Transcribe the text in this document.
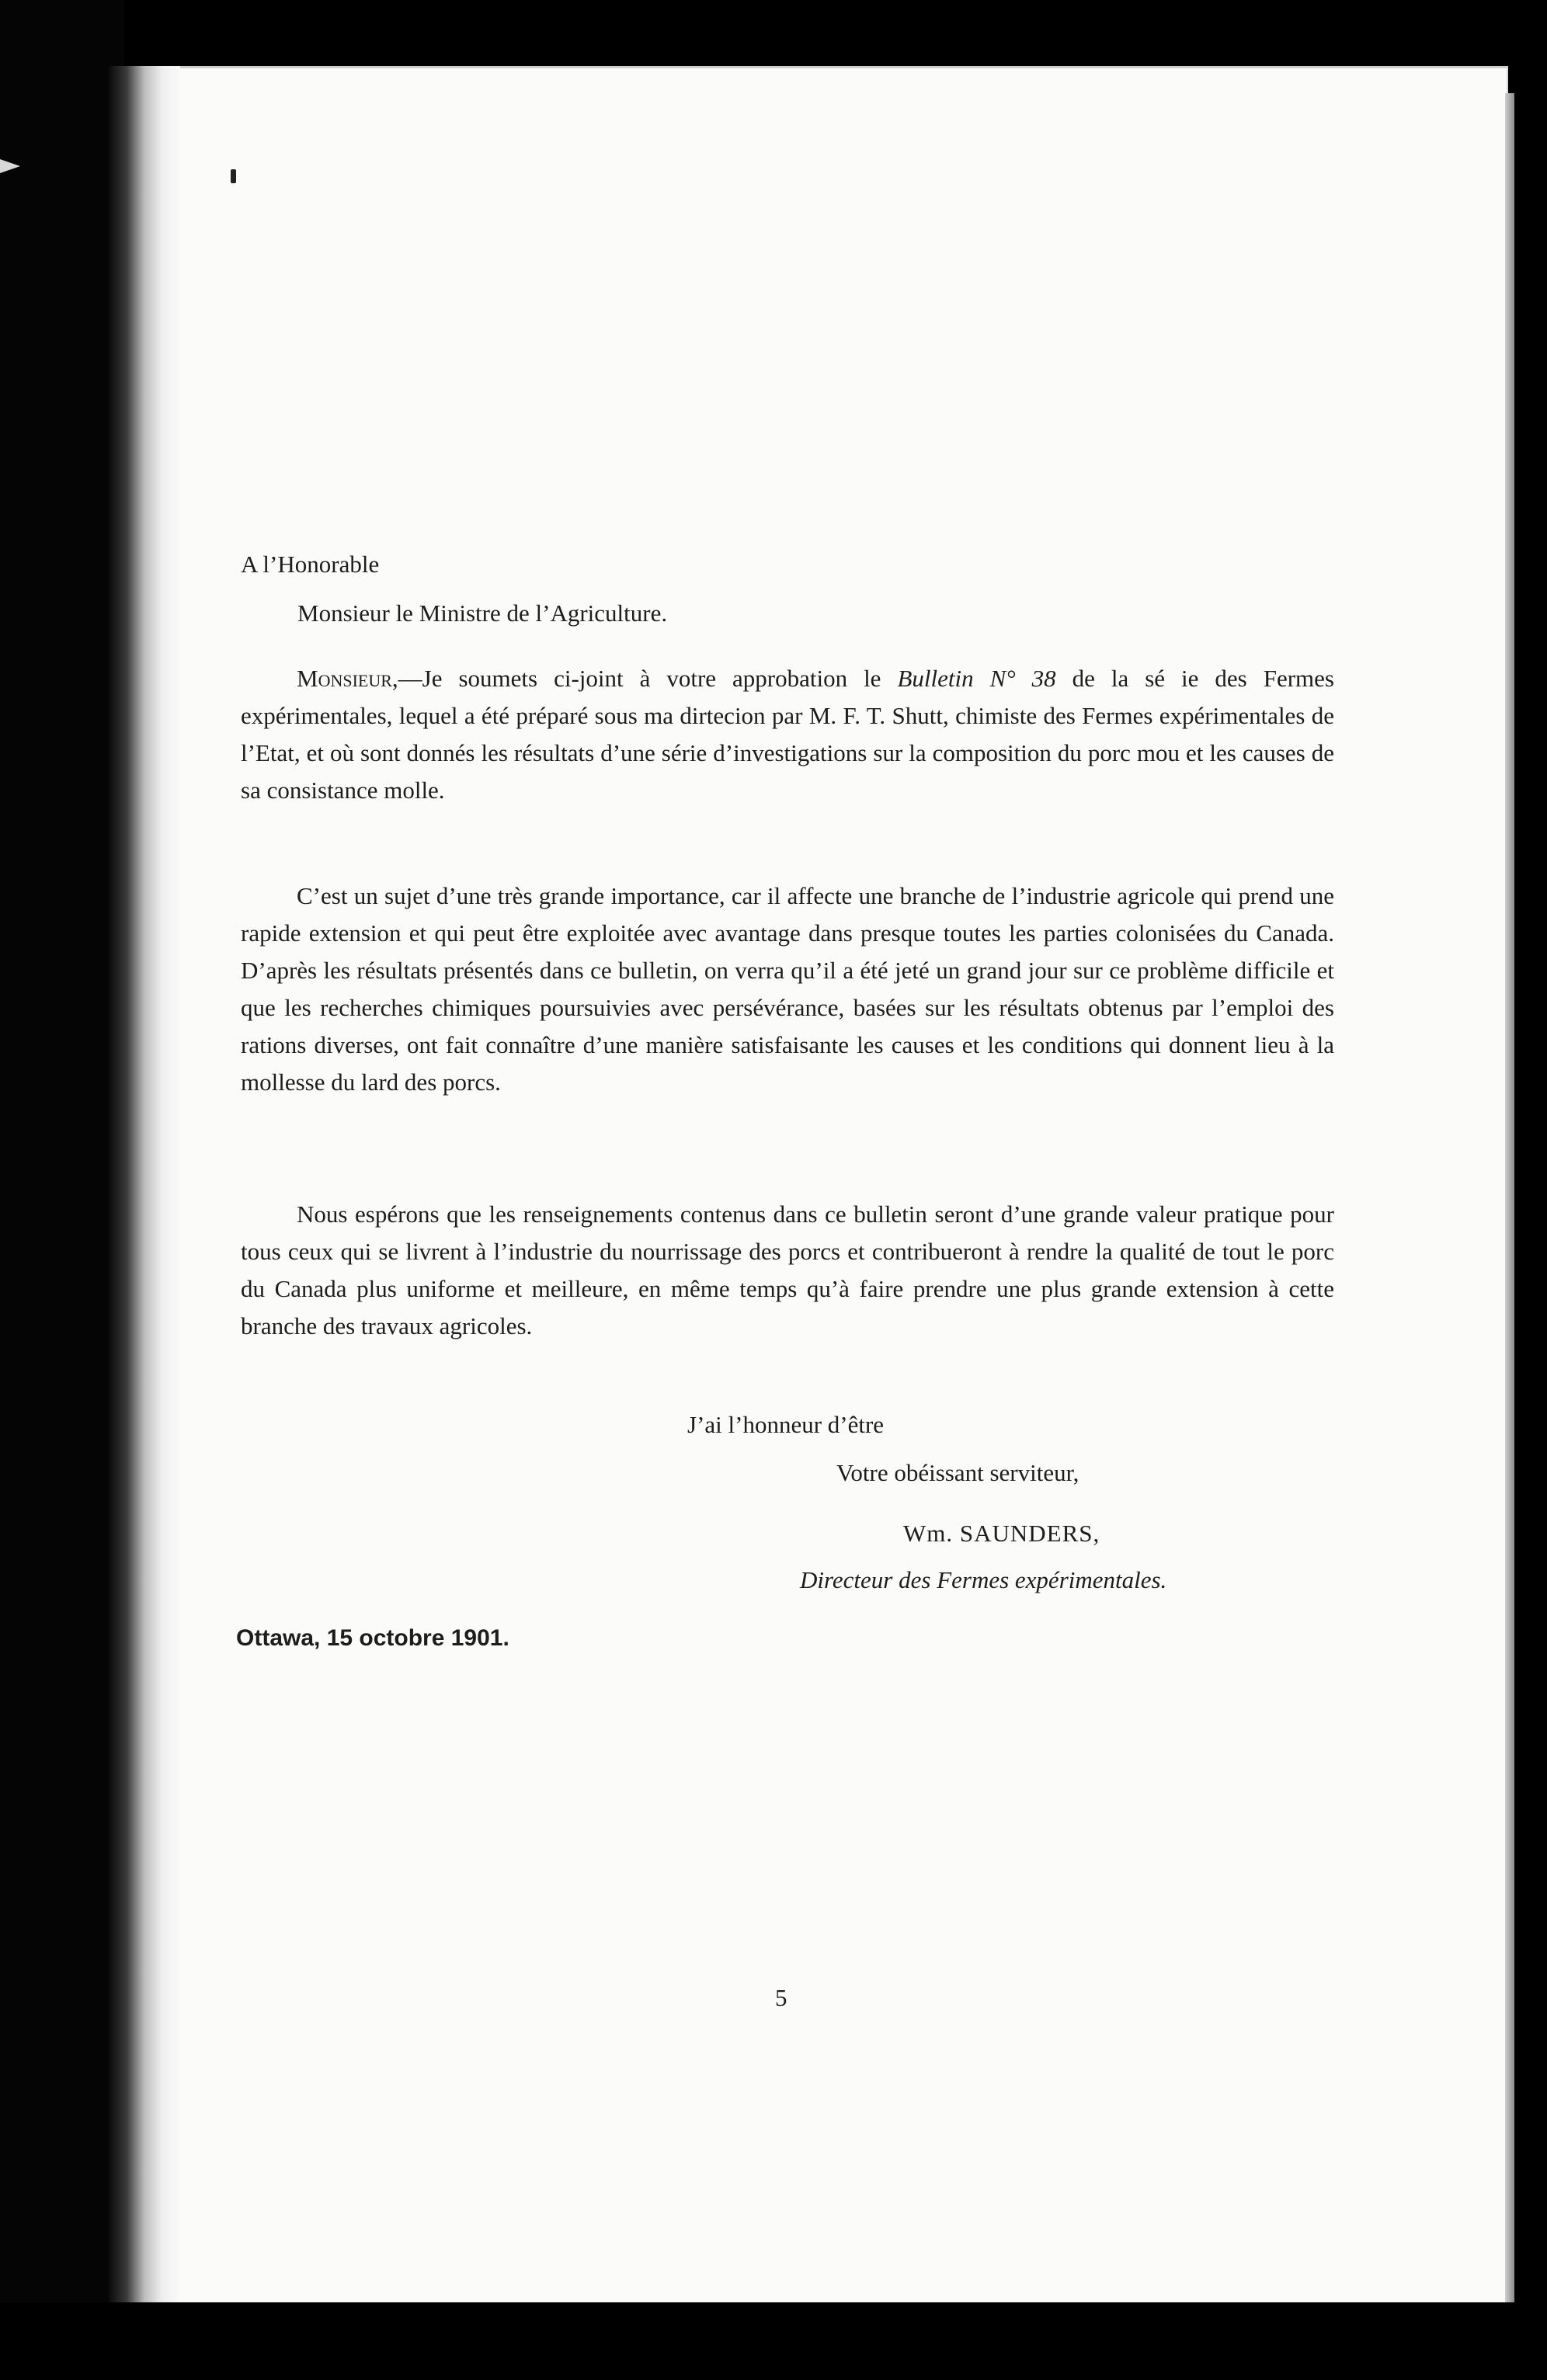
A l’Honorable

Monsieur le Ministre de l’Agriculture.

Monsieur,—Je soumets ci-joint à votre approbation le Bulletin N° 38 de la sé ie des Fermes expérimentales, lequel a été préparé sous ma dirtecion par M. F. T. Shutt, chimiste des Fermes expérimentales de l’Etat, et où sont donnés les résultats d’une série d’investigations sur la composition du porc mou et les causes de sa consistance molle.

C’est un sujet d’une très grande importance, car il affecte une branche de l’industrie agricole qui prend une rapide extension et qui peut être exploitée avec avantage dans presque toutes les parties colonisées du Canada. D’après les résultats présentés dans ce bulletin, on verra qu’il a été jeté un grand jour sur ce problème difficile et que les recherches chimiques poursuivies avec persévérance, basées sur les résultats obtenus par l’emploi des rations diverses, ont fait connaître d’une manière satisfaisante les causes et les conditions qui donnent lieu à la mollesse du lard des porcs.

Nous espérons que les renseignements contenus dans ce bulletin seront d’une grande valeur pratique pour tous ceux qui se livrent à l’industrie du nourrissage des porcs et contribueront à rendre la qualité de tout le porc du Canada plus uniforme et meilleure, en même temps qu’à faire prendre une plus grande extension à cette branche des travaux agricoles.

J’ai l’honneur d’être

Votre obéissant serviteur,

Wm. SAUNDERS,

Directeur des Fermes expérimentales.

Ottawa, 15 octobre 1901.

5
